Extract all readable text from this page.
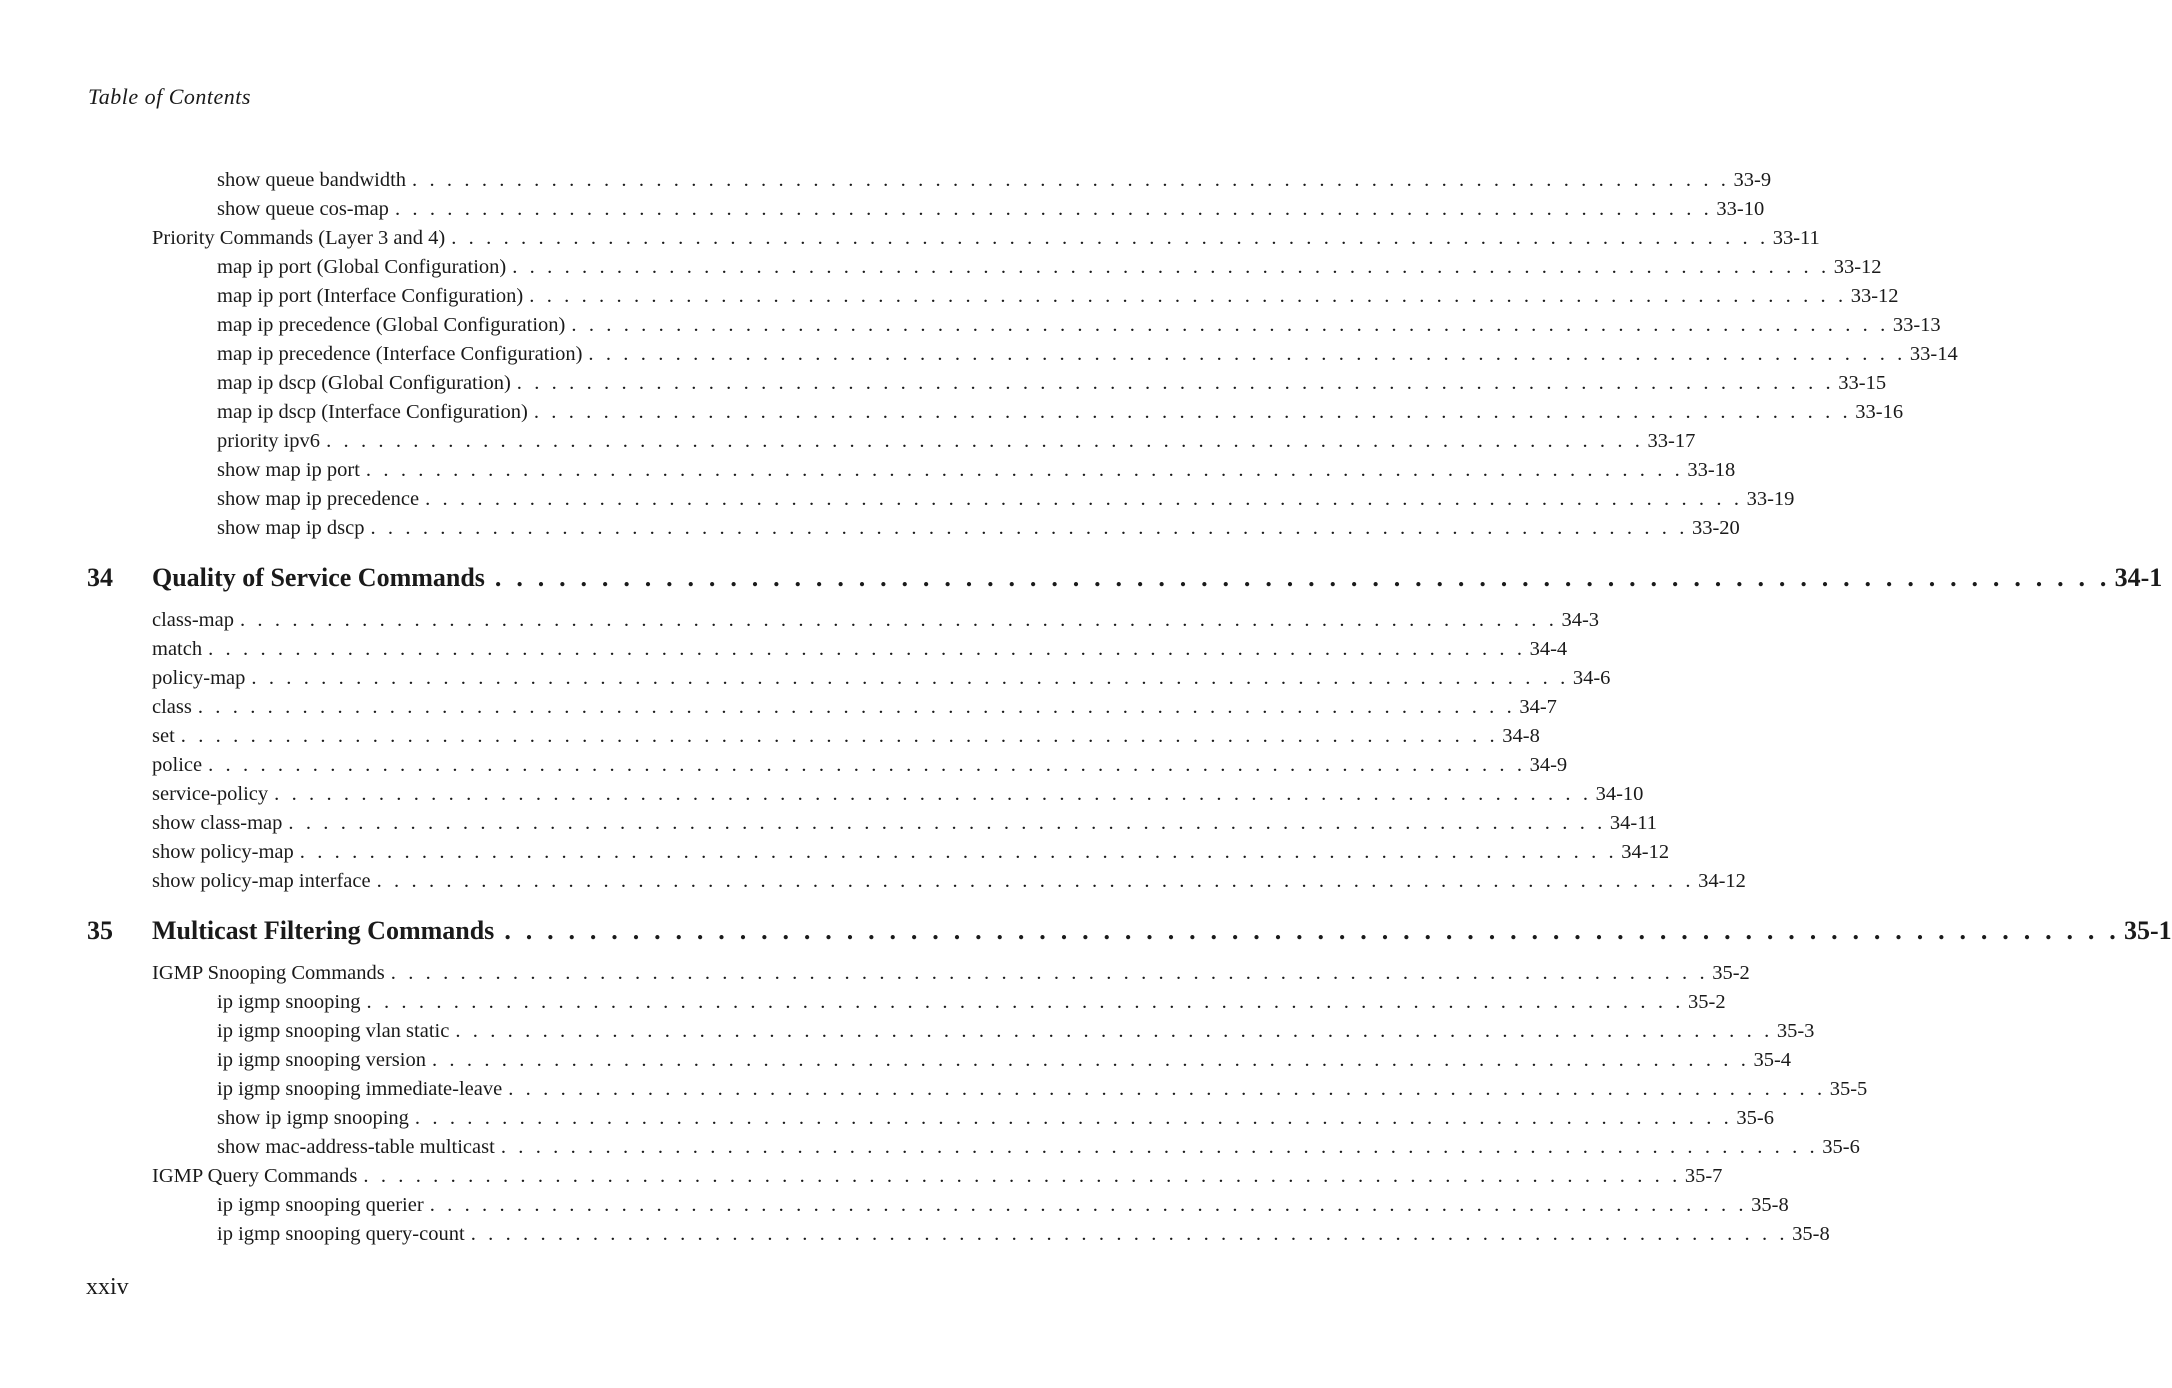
Table of Contents
show queue bandwidth . . . . . . . . . . . . . . . . . . . . . . . . . . . . . . . . . . . . . . . . . . . . . . . . . . . . . . . . . . . . . . . . . . . . . . . . . . . . 33-9
show queue cos-map . . . . . . . . . . . . . . . . . . . . . . . . . . . . . . . . . . . . . . . . . . . . . . . . . . . . . . . . . . . . . . . . . . . . . . . . . . . . 33-10
Priority Commands (Layer 3 and 4) . . . . . . . . . . . . . . . . . . . . . . . . . . . . . . . . . . . . . . . . . . . . . . . . . . . . . . . . . . . . . . . . . . . . . . . . . . . . 33-11
map ip port (Global Configuration) . . . . . . . . . . . . . . . . . . . . . . . . . . . . . . . . . . . . . . . . . . . . . . . . . . . . . . . . . . . . . . . . . . . . . . . . . . . . 33-12
map ip port (Interface Configuration) . . . . . . . . . . . . . . . . . . . . . . . . . . . . . . . . . . . . . . . . . . . . . . . . . . . . . . . . . . . . . . . . . . . . . . . . . . . . 33-12
map ip precedence (Global Configuration) . . . . . . . . . . . . . . . . . . . . . . . . . . . . . . . . . . . . . . . . . . . . . . . . . . . . . . . . . . . . . . . . . . . . . . . . . . . . 33-13
map ip precedence (Interface Configuration) . . . . . . . . . . . . . . . . . . . . . . . . . . . . . . . . . . . . . . . . . . . . . . . . . . . . . . . . . . . . . . . . . . . . . . . . . . . . 33-14
map ip dscp (Global Configuration) . . . . . . . . . . . . . . . . . . . . . . . . . . . . . . . . . . . . . . . . . . . . . . . . . . . . . . . . . . . . . . . . . . . . . . . . . . . . 33-15
map ip dscp (Interface Configuration) . . . . . . . . . . . . . . . . . . . . . . . . . . . . . . . . . . . . . . . . . . . . . . . . . . . . . . . . . . . . . . . . . . . . . . . . . . . . 33-16
priority ipv6 . . . . . . . . . . . . . . . . . . . . . . . . . . . . . . . . . . . . . . . . . . . . . . . . . . . . . . . . . . . . . . . . . . . . . . . . . . . . 33-17
show map ip port . . . . . . . . . . . . . . . . . . . . . . . . . . . . . . . . . . . . . . . . . . . . . . . . . . . . . . . . . . . . . . . . . . . . . . . . . . . . 33-18
show map ip precedence . . . . . . . . . . . . . . . . . . . . . . . . . . . . . . . . . . . . . . . . . . . . . . . . . . . . . . . . . . . . . . . . . . . . . . . . . . . . 33-19
show map ip dscp . . . . . . . . . . . . . . . . . . . . . . . . . . . . . . . . . . . . . . . . . . . . . . . . . . . . . . . . . . . . . . . . . . . . . . . . . . . . 33-20
34	Quality of Service Commands . . . . . . . . . . . . . . . . . . . . . . . . . . . . . . . . . . . . . . . . . . . . . . . . . . . . . . . . . . . . . . . . . . . . . . . . . . . . 34-1
class-map . . . . . . . . . . . . . . . . . . . . . . . . . . . . . . . . . . . . . . . . . . . . . . . . . . . . . . . . . . . . . . . . . . . . . . . . . . . . 34-3
match . . . . . . . . . . . . . . . . . . . . . . . . . . . . . . . . . . . . . . . . . . . . . . . . . . . . . . . . . . . . . . . . . . . . . . . . . . . . 34-4
policy-map . . . . . . . . . . . . . . . . . . . . . . . . . . . . . . . . . . . . . . . . . . . . . . . . . . . . . . . . . . . . . . . . . . . . . . . . . . . . 34-6
class . . . . . . . . . . . . . . . . . . . . . . . . . . . . . . . . . . . . . . . . . . . . . . . . . . . . . . . . . . . . . . . . . . . . . . . . . . . . 34-7
set . . . . . . . . . . . . . . . . . . . . . . . . . . . . . . . . . . . . . . . . . . . . . . . . . . . . . . . . . . . . . . . . . . . . . . . . . . . . 34-8
police . . . . . . . . . . . . . . . . . . . . . . . . . . . . . . . . . . . . . . . . . . . . . . . . . . . . . . . . . . . . . . . . . . . . . . . . . . . . 34-9
service-policy . . . . . . . . . . . . . . . . . . . . . . . . . . . . . . . . . . . . . . . . . . . . . . . . . . . . . . . . . . . . . . . . . . . . . . . . . . . . 34-10
show class-map . . . . . . . . . . . . . . . . . . . . . . . . . . . . . . . . . . . . . . . . . . . . . . . . . . . . . . . . . . . . . . . . . . . . . . . . . . . . 34-11
show policy-map . . . . . . . . . . . . . . . . . . . . . . . . . . . . . . . . . . . . . . . . . . . . . . . . . . . . . . . . . . . . . . . . . . . . . . . . . . . . 34-12
show policy-map interface . . . . . . . . . . . . . . . . . . . . . . . . . . . . . . . . . . . . . . . . . . . . . . . . . . . . . . . . . . . . . . . . . . . . . . . . . . . . 34-12
35	Multicast Filtering Commands . . . . . . . . . . . . . . . . . . . . . . . . . . . . . . . . . . . . . . . . . . . . . . . . . . . . . . . . . . . . . . . . . . . . . . . . . . . . 35-1
IGMP Snooping Commands . . . . . . . . . . . . . . . . . . . . . . . . . . . . . . . . . . . . . . . . . . . . . . . . . . . . . . . . . . . . . . . . . . . . . . . . . . . . 35-2
ip igmp snooping . . . . . . . . . . . . . . . . . . . . . . . . . . . . . . . . . . . . . . . . . . . . . . . . . . . . . . . . . . . . . . . . . . . . . . . . . . . . 35-2
ip igmp snooping vlan static . . . . . . . . . . . . . . . . . . . . . . . . . . . . . . . . . . . . . . . . . . . . . . . . . . . . . . . . . . . . . . . . . . . . . . . . . . . . 35-3
ip igmp snooping version . . . . . . . . . . . . . . . . . . . . . . . . . . . . . . . . . . . . . . . . . . . . . . . . . . . . . . . . . . . . . . . . . . . . . . . . . . . . 35-4
ip igmp snooping immediate-leave . . . . . . . . . . . . . . . . . . . . . . . . . . . . . . . . . . . . . . . . . . . . . . . . . . . . . . . . . . . . . . . . . . . . . . . . . . . . 35-5
show ip igmp snooping . . . . . . . . . . . . . . . . . . . . . . . . . . . . . . . . . . . . . . . . . . . . . . . . . . . . . . . . . . . . . . . . . . . . . . . . . . . . 35-6
show mac-address-table multicast . . . . . . . . . . . . . . . . . . . . . . . . . . . . . . . . . . . . . . . . . . . . . . . . . . . . . . . . . . . . . . . . . . . . . . . . . . . . 35-6
IGMP Query Commands . . . . . . . . . . . . . . . . . . . . . . . . . . . . . . . . . . . . . . . . . . . . . . . . . . . . . . . . . . . . . . . . . . . . . . . . . . . . 35-7
ip igmp snooping querier . . . . . . . . . . . . . . . . . . . . . . . . . . . . . . . . . . . . . . . . . . . . . . . . . . . . . . . . . . . . . . . . . . . . . . . . . . . . 35-8
ip igmp snooping query-count . . . . . . . . . . . . . . . . . . . . . . . . . . . . . . . . . . . . . . . . . . . . . . . . . . . . . . . . . . . . . . . . . . . . . . . . . . . . 35-8
xxiv
